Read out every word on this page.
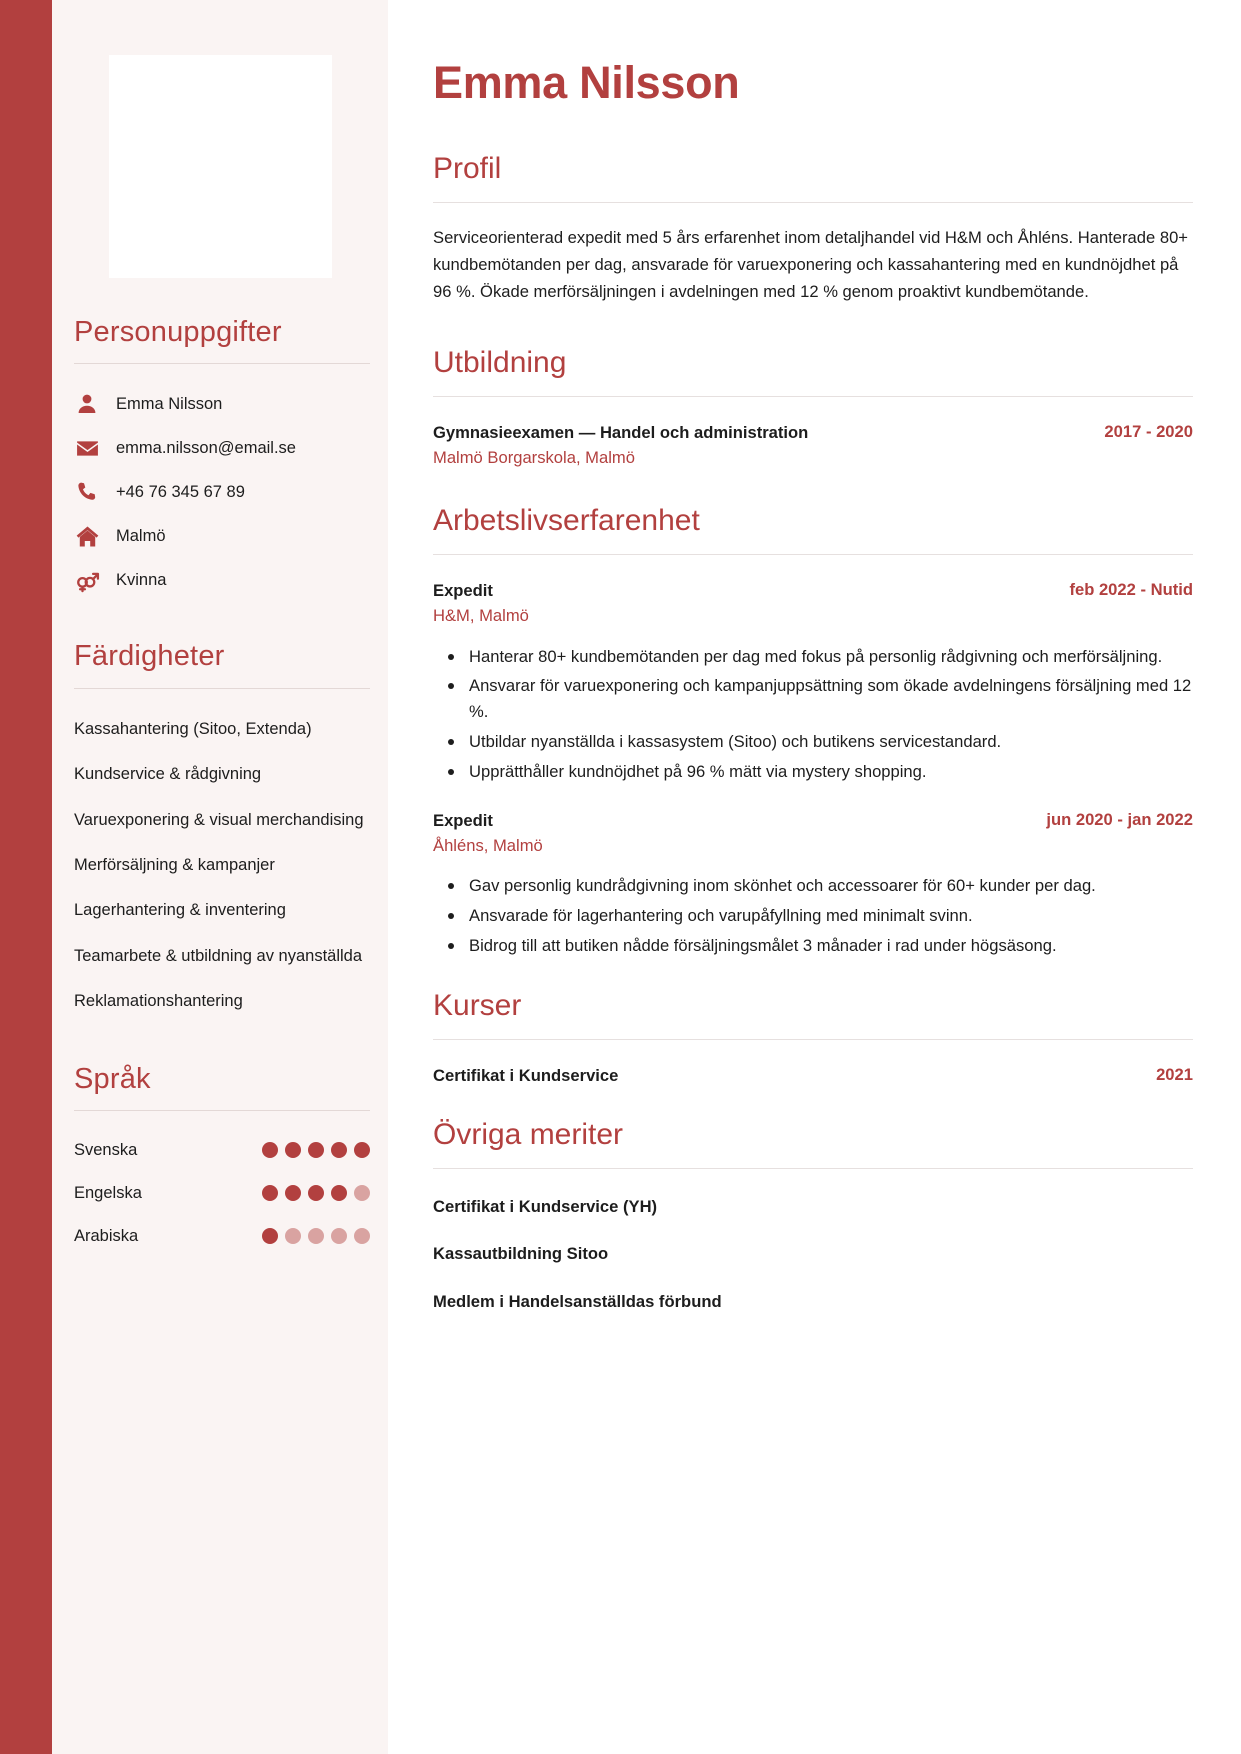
Personuppgifter
Emma Nilsson
emma.nilsson@email.se
+46 76 345 67 89
Malmö
Kvinna
Färdigheter
Kassahantering (Sitoo, Extenda)
Kundservice & rådgivning
Varuexponering & visual merchandising
Merförsäljning & kampanjer
Lagerhantering & inventering
Teamarbete & utbildning av nyanställda
Reklamationshantering
Språk
Svenska
Engelska
Arabiska
Emma Nilsson
Profil

Serviceorienterad expedit med 5 års erfarenhet inom detaljhandel vid H&M och Åhléns. Hanterade 80+ kundbemötanden per dag, ansvarade för varuexponering och kassahantering med en kundnöjdhet på 96 %. Ökade merförsäljningen i avdelningen med 12 % genom proaktivt kundbemötande.

Utbildning
Gymnasieexamen — Handel och administration	2017 - 2020
Malmö Borgarskola, Malmö
Arbetslivserfarenhet
Expedit	feb 2022 - Nutid
H&M, Malmö
Hanterar 80+ kundbemötanden per dag med fokus på personlig rådgivning och merförsäljning.
Ansvarar för varuexponering och kampanjuppsättning som ökade avdelningens försäljning med 12 %.
Utbildar nyanställda i kassasystem (Sitoo) och butikens servicestandard.
Upprätthåller kundnöjdhet på 96 % mätt via mystery shopping.
Expedit	jun 2020 - jan 2022
Åhléns, Malmö
Gav personlig kundrådgivning inom skönhet och accessoarer för 60+ kunder per dag.
Ansvarade för lagerhantering och varupåfyllning med minimalt svinn.
Bidrog till att butiken nådde försäljningsmålet 3 månader i rad under högsäsong.
Kurser
Certifikat i Kundservice	2021
Övriga meriter
Certifikat i Kundservice (YH)
Kassautbildning Sitoo
Medlem i Handelsanställdas förbund
